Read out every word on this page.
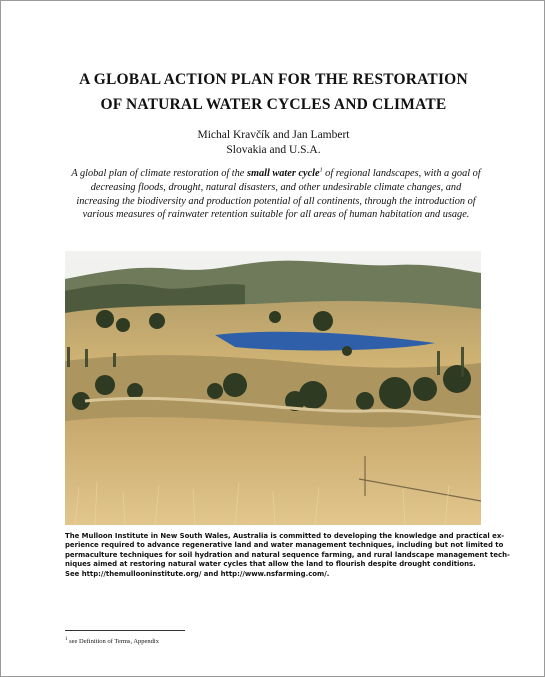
A GLOBAL ACTION PLAN FOR THE RESTORATION
OF NATURAL WATER CYCLES AND CLIMATE
Michal Kravčík and Jan Lambert
Slovakia and U.S.A.
A global plan of climate restoration of the small water cycle$^1$ of regional landscapes, with a goal of decreasing floods, drought, natural disasters, and other undesirable climate changes, and increasing the biodiversity and production potential of all continents, through the introduction of various measures of rainwater retention suitable for all areas of human habitation and usage.
The Mulloon Institute in New South Wales, Australia is committed to developing the knowledge and practical ex-
perience required to advance regenerative land and water management techniques, including but not limited to
permaculture techniques for soil hydration and natural sequence farming, and rural landscape management tech-
niques aimed at restoring natural water cycles that allow the land to flourish despite drought conditions.
See http://themullooninstitute.org/ and http://www.nsfarming.com/.
$^1$ see Definition of Terms, Appendix
